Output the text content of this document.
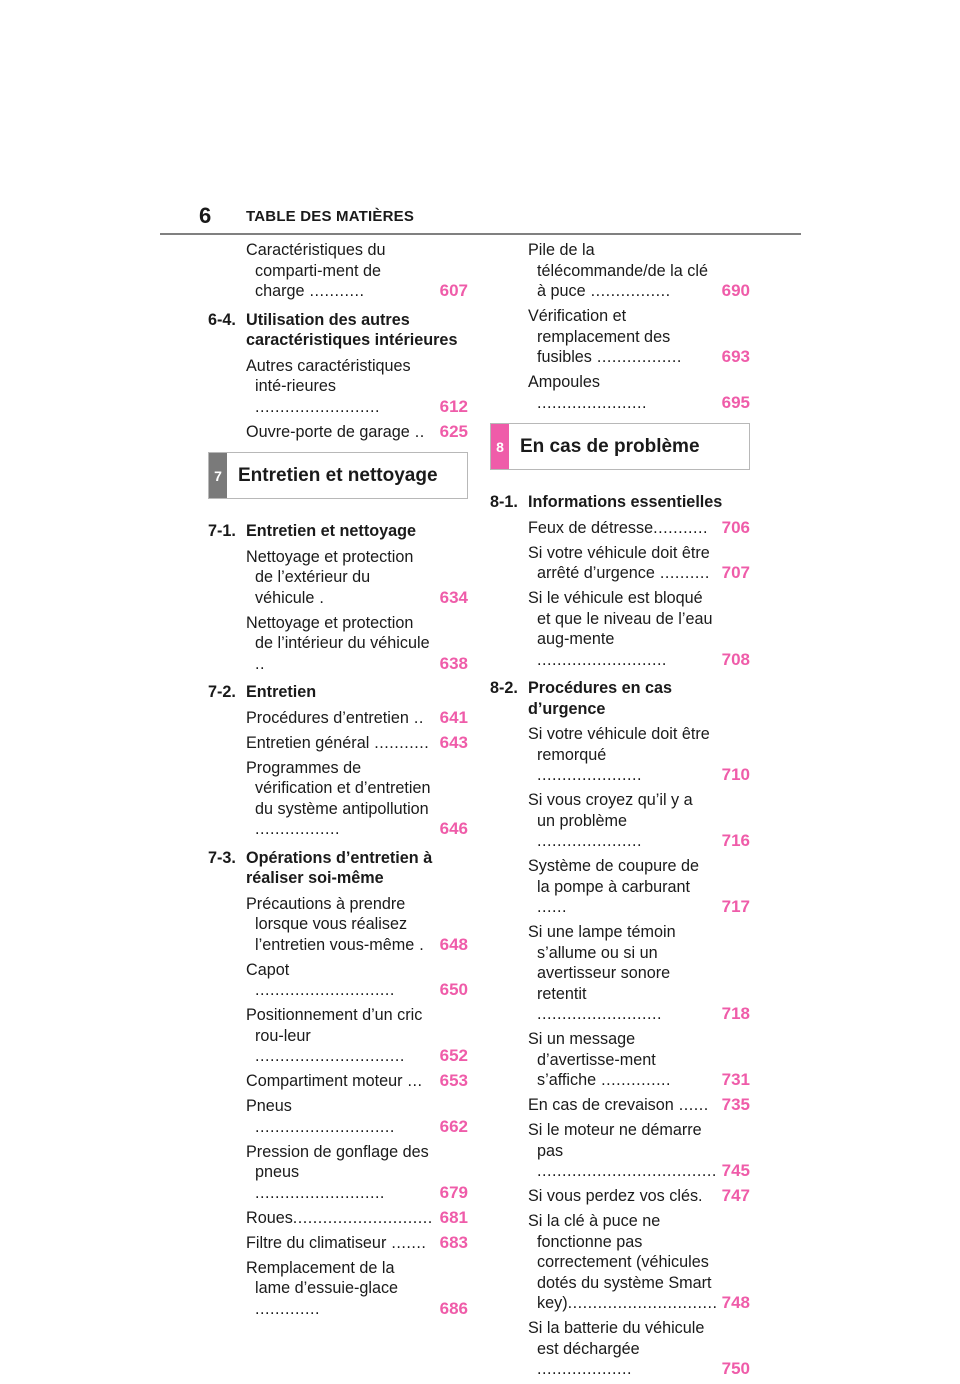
6 TABLE DES MATIÈRES
Caractéristiques du comparti-ment de charge ...........	607
6-4. Utilisation des autres caractéristiques intérieures
Autres caractéristiques inté-rieures .........................	612
Ouvre-porte de garage .. 625
7 Entretien et nettoyage
7-1. Entretien et nettoyage
Nettoyage et protection de l’extérieur du véhicule .	634
Nettoyage et protection de l’intérieur du véhicule ..	638
7-2. Entretien
Procédures d’entretien .. 641
Entretien général ........... 643
Programmes de vérification et d’entretien du système antipollution .................	646
7-3. Opérations d’entretien à réaliser soi-même
Précautions à prendre lorsque vous réalisez l’entretien vous-même . 648
Capot ............................	650
Positionnement d’un cric rou-leur ..............................	652
Compartiment moteur ...	653
Pneus ............................	662
Pression de gonflage des pneus ..........................	679
Roues............................ 681
Filtre du climatiseur ....... 683
Remplacement de la lame d’essuie-glace .............	686
Pile de la télécommande/de la clé à puce ................	690
Vérification et remplacement des fusibles .................	693
Ampoules ......................	695
8 En cas de problème
8-1. Informations essentielles
Feux de détresse........... 706
Si votre véhicule doit être arrêté d’urgence .......... 707
Si le véhicule est bloqué et que le niveau de l’eau aug-mente ..........................	708
8-2. Procédures en cas d’urgence
Si votre véhicule doit être remorqué .....................	710
Si vous croyez qu’il y a un problème .....................	716
Système de coupure de la pompe à carburant ......	717
Si une lampe témoin s’allume ou si un avertisseur sonore retentit .........................	718
Si un message d’avertisse-ment s’affiche ..............	731
En cas de crevaison ...... 735
Si le moteur ne démarre pas .................................... 745
Si vous perdez vos clés.	747
Si la clé à puce ne fonctionne pas correctement (véhicules dotés du système Smart key).............................. 748
Si la batterie du véhicule est déchargée ...................	750
